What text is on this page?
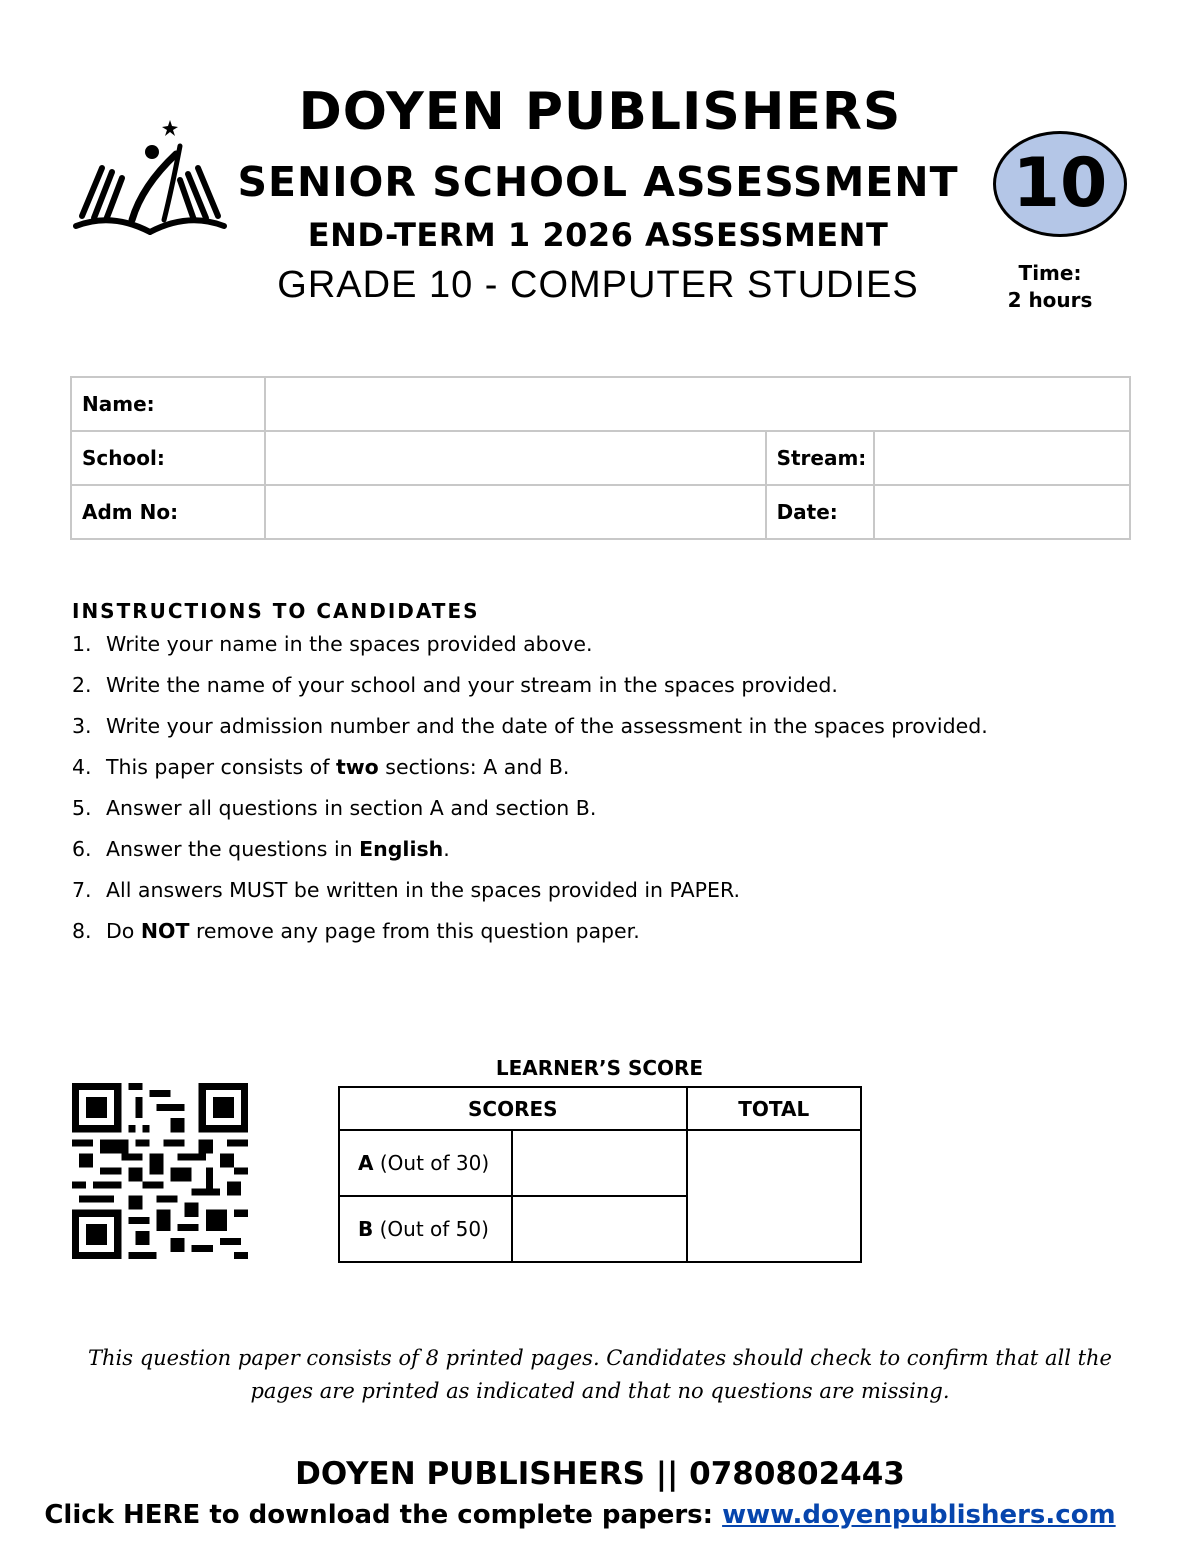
DOYEN PUBLISHERS
SENIOR SCHOOL ASSESSMENT
END-TERM 1 2026 ASSESSMENT
GRADE 10 - COMPUTER STUDIES
10
Time:
2 hours
Name:			
School:		Stream:	
Adm No:		Date:	
INSTRUCTIONS TO CANDIDATES
1. Write your name in the spaces provided above.
2. Write the name of your school and your stream in the spaces provided.
3. Write your admission number and the date of the assessment in the spaces provided.
4. This paper consists of two sections: A and B.
5. Answer all questions in section A and section B.
6. Answer the questions in English.
7. All answers MUST be written in the spaces provided in PAPER.
8. Do NOT remove any page from this question paper.
LEARNER’S SCORE
SCORES		TOTAL
A (Out of 30)		
B (Out of 50)		
This question paper consists of 8 printed pages. Candidates should check to confirm that all the pages are printed as indicated and that no questions are missing.
DOYEN PUBLISHERS || 0780802443
Click HERE to download the complete papers: www.doyenpublishers.com
